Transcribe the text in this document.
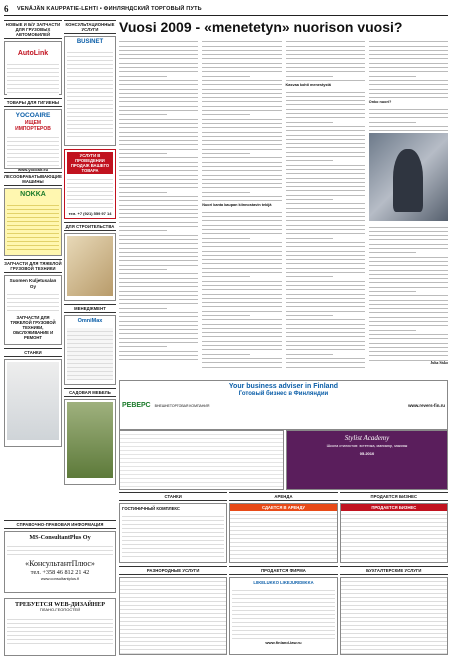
6	VENÄJÄN KAUPPATIE-LEHTI • ФИНЛЯНДСКИЙ ТОРГОВЫЙ ПУТЬ
НОВЫЕ И Б/У ЗАПЧАСТИ ДЛЯ ГРУЗОВЫХ АВТОМОБИЛЕЙ
AutoLink
ТОВАРЫ ДЛЯ ГИГИЕНЫ
YOCOAIRE
ИЩЕМ ИМПОРТЕРОВ
www.yocoair.eu
ЛЕСООБРАБАТЫВАЮЩИЕ МАШИНЫ
NOKKA
ЗАПЧАСТИ ДЛЯ ТЯЖЕЛОЙ ГРУЗОВОЙ ТЕХНИКИ
Suomen Kuljetusalan Oy
ЗАПЧАСТИ ДЛЯ ТЯЖЕЛОЙ ГРУЗОВОЙ ТЕХНИКИ, ОБСЛУЖИВАНИЕ И РЕМОНТ
СТАНКИ
КОНСУЛЬТАЦИОННЫЕ УСЛУГИ
BUSINET
УСЛУГИ В ПРОВЕДЕНИИ ПРОДАЖ ВАШЕГО ТОВАРА
тел. +7 (921) 559 97 14
ДЛЯ СТРОИТЕЛЬСТВА
МЕНЕДЖМЕНТ
OmniMax
САДОВАЯ МЕБЕЛЬ
Vuosi 2009 - «menetetyn» nuorison vuosi?
Nuori kanta kaupan kiinnostavin tekijä
Kasvaa kohti menestystä
Onko nuori?
Juha Sisko
Your business adviser in Finland
Готовый бизнес в Финляндии
РЕВЕРС ВНЕШНЕТОРГОВАЯ КОМПАНИЯ	www.revers-fin.ru
Stylist Academy
Школа стилистов: эстетика, маникюр, макияж
05.2010
СТАНКИ
ГОСТИНИЧНЫЙ КОМПЛЕКС
АРЕНДА
СДАЕТСЯ В АРЕНДУ
ПРОДАЕТСЯ БИЗНЕС
ПРОДАЕТСЯ БИЗНЕС
РАЗНОРОДНЫЕ УСЛУГИ	ПРОДАЕТСЯ ФИРМА
LIIKELUKKO LIKEJURIDIIKKA
www.finland-law.ru
БУХГАЛТЕРСКИЕ УСЛУГИ
СПРАВОЧНО-ПРАВОВАЯ ИНФОРМАЦИЯ
MS-ConsultantPlus Oy
«КонсультантПлюс»
тел. +358 46 812 21 42
www.consultantplus.fi
ТРЕБУЕТСЯ WEB-ДИЗАЙНЕР
ПЛАНО-ГЕОПОСТЕЙ
